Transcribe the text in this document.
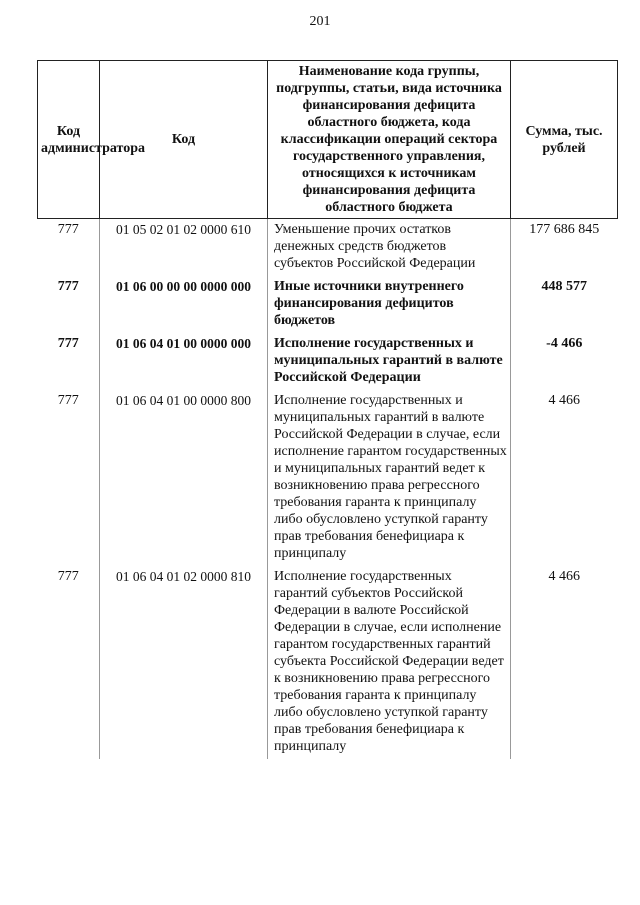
201
Код администратора	Код	Наименование кода группы, подгруппы, статьи, вида источника финансирования дефицита областного бюджета, кода классификации операций сектора государственного управления, относящихся к источникам финансирования дефицита областного бюджета	Сумма, тыс. рублей
777	01 05 02 01 02 0000 610	Уменьшение прочих остатков денежных средств бюджетов субъектов Российской Федерации	177 686 845
777	01 06 00 00 00 0000 000	Иные источники внутреннего финансирования дефицитов бюджетов	448 577
777	01 06 04 01 00 0000 000	Исполнение государственных и муниципальных гарантий в валюте Российской Федерации	-4 466
777	01 06 04 01 00 0000 800	Исполнение государственных и муниципальных гарантий в валюте Российской Федерации в случае, если исполнение гарантом государственных и муниципальных гарантий ведет к возникновению права регрессного требования гаранта к принципалу либо обусловлено уступкой гаранту прав требования бенефициара к принципалу	4 466
777	01 06 04 01 02 0000 810	Исполнение государственных гарантий субъектов Российской Федерации в валюте Российской Федерации в случае, если исполнение гарантом государственных гарантий субъекта Российской Федерации ведет к возникновению права регрессного требования гаранта к принципалу либо обусловлено уступкой гаранту прав требования бенефициара к принципалу	4 466
